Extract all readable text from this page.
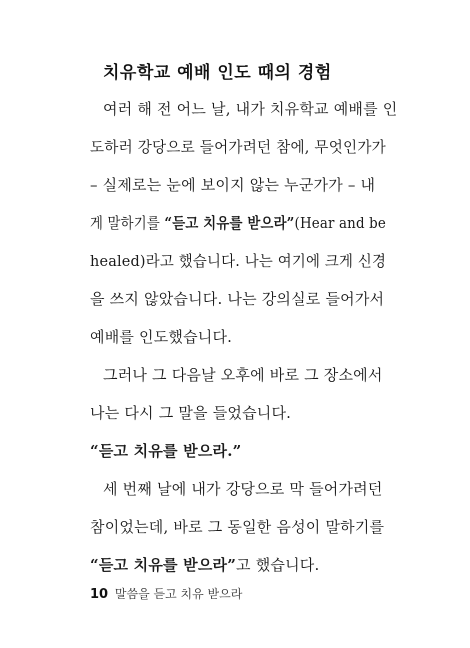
치유학교 예배 인도 때의 경험
여러 해 전 어느 날, 내가 치유학교 예배를 인
도하러 강당으로 들어가려던 참에, 무엇인가가
– 실제로는 눈에 보이지 않는 누군가가 – 내
게 말하기를 “듣고 치유를 받으라”(Hear and be
healed)라고 했습니다. 나는 여기에 크게 신경
을 쓰지 않았습니다. 나는 강의실로 들어가서
예배를 인도했습니다.
그러나 그 다음날 오후에 바로 그 장소에서
나는 다시 그 말을 들었습니다.
“듣고 치유를 받으라.”
세 번째 날에 내가 강당으로 막 들어가려던
참이었는데, 바로 그 동일한 음성이 말하기를
“듣고 치유를 받으라”고 했습니다.
10 말씀을 듣고 치유 받으라
